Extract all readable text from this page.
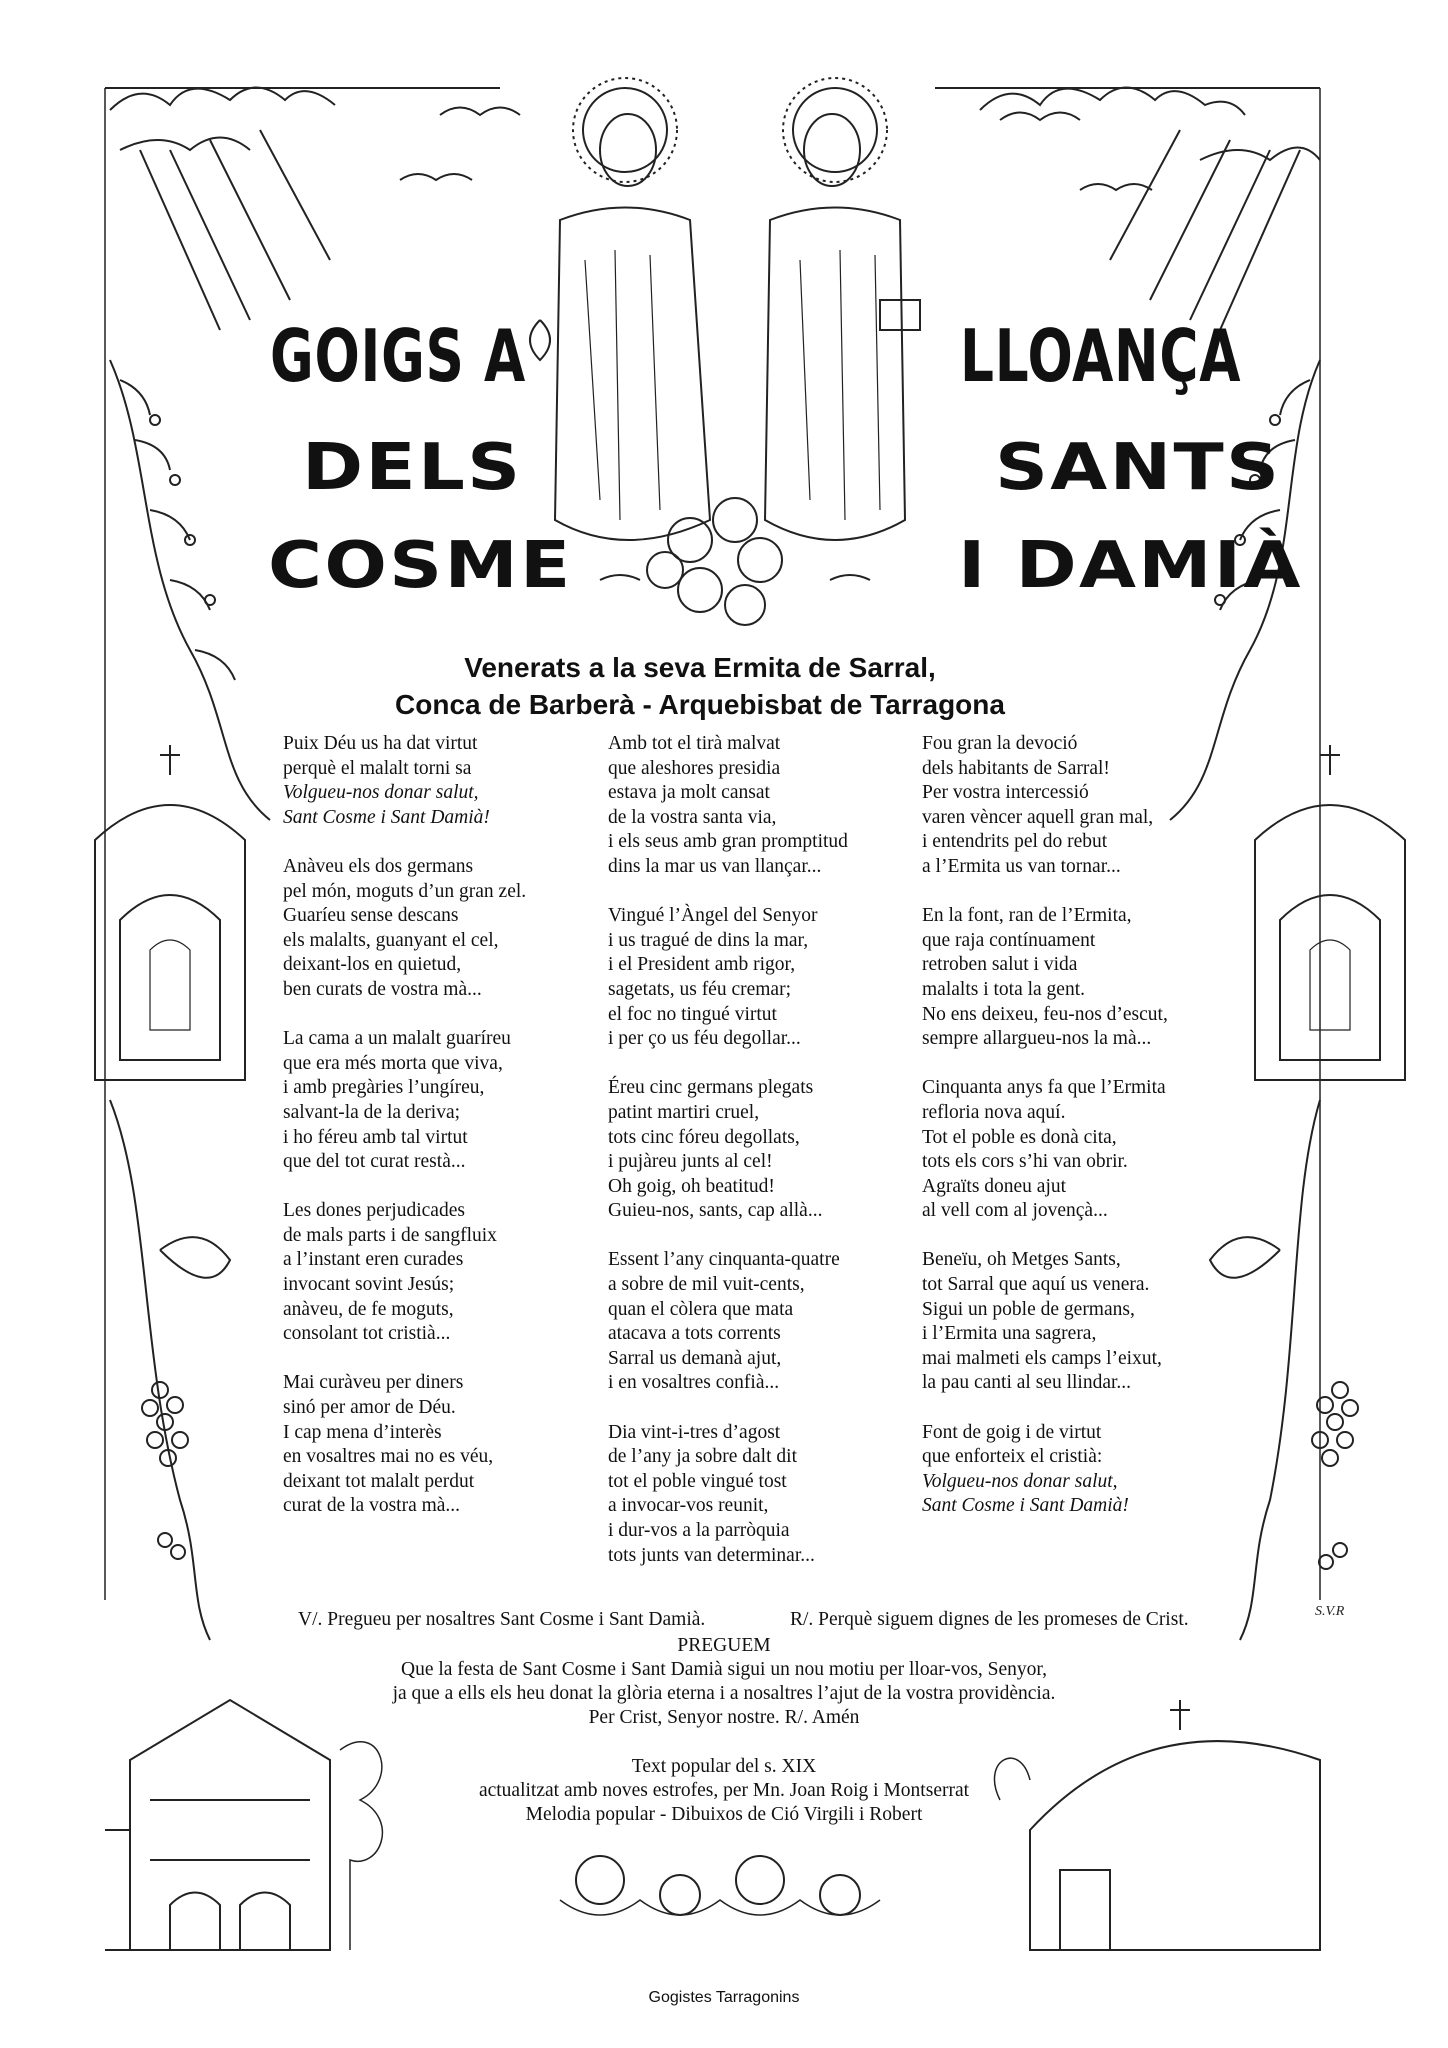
S.V.R
GOIGS A	LLOANÇA
DELS	SANTS
COSME	I DAMIÀ
Venerats a la seva Ermita de Sarral,
Conca de Barberà - Arquebisbat de Tarragona
Puix Déu us ha dat virtut
perquè el malalt torni sa
Volgueu-nos donar salut,
Sant Cosme i Sant Damià!
Anàveu els dos germans
pel món, moguts d’un gran zel.
Guaríeu sense descans
els malalts, guanyant el cel,
deixant-los en quietud,
ben curats de vostra mà...
La cama a un malalt guaríreu
que era més morta que viva,
i amb pregàries l’ungíreu,
salvant-la de la deriva;
i ho féreu amb tal virtut
que del tot curat restà...
Les dones perjudicades
de mals parts i de sangfluix
a l’instant eren curades
invocant sovint Jesús;
anàveu, de fe moguts,
consolant tot cristià...
Mai curàveu per diners
sinó per amor de Déu.
I cap mena d’interès
en vosaltres mai no es véu,
deixant tot malalt perdut
curat de la vostra mà...
Amb tot el tirà malvat
que aleshores presidia
estava ja molt cansat
de la vostra santa via,
i els seus amb gran promptitud
dins la mar us van llançar...
Vingué l’Àngel del Senyor
i us tragué de dins la mar,
i el President amb rigor,
sagetats, us féu cremar;
el foc no tingué virtut
i per ço us féu degollar...
Éreu cinc germans plegats
patint martiri cruel,
tots cinc fóreu degollats,
i pujàreu junts al cel!
Oh goig, oh beatitud!
Guieu-nos, sants, cap allà...
Essent l’any cinquanta-quatre
a sobre de mil vuit-cents,
quan el còlera que mata
atacava a tots corrents
Sarral us demanà ajut,
i en vosaltres confià...
Dia vint-i-tres d’agost
de l’any ja sobre dalt dit
tot el poble vingué tost
a invocar-vos reunit,
i dur-vos a la parròquia
tots junts van determinar...
Fou gran la devoció
dels habitants de Sarral!
Per vostra intercessió
varen vèncer aquell gran mal,
i entendrits pel do rebut
a l’Ermita us van tornar...
En la font, ran de l’Ermita,
que raja contínuament
retroben salut i vida
malalts i tota la gent.
No ens deixeu, feu-nos d’escut,
sempre allargueu-nos la mà...
Cinquanta anys fa que l’Ermita
refloria nova aquí.
Tot el poble es donà cita,
tots els cors s’hi van obrir.
Agraïts doneu ajut
al vell com al jovençà...
Beneïu, oh Metges Sants,
tot Sarral que aquí us venera.
Sigui un poble de germans,
i l’Ermita una sagrera,
mai malmeti els camps l’eixut,
la pau canti al seu llindar...
Font de goig i de virtut
que enforteix el cristià:
Volgueu-nos donar salut,
Sant Cosme i Sant Damià!
V/. Pregueu per nosaltres Sant Cosme i Sant Damià.	R/. Perquè siguem dignes de les promeses de Crist.
PREGUEM
Que la festa de Sant Cosme i Sant Damià sigui un nou motiu per lloar-vos, Senyor,
ja que a ells els heu donat la glòria eterna i a nosaltres l’ajut de la vostra providència.
Per Crist, Senyor nostre. R/. Amén
Text popular del s. XIX
actualitzat amb noves estrofes, per Mn. Joan Roig i Montserrat
Melodia popular - Dibuixos de Ció Virgili i Robert
Gogistes Tarragonins
